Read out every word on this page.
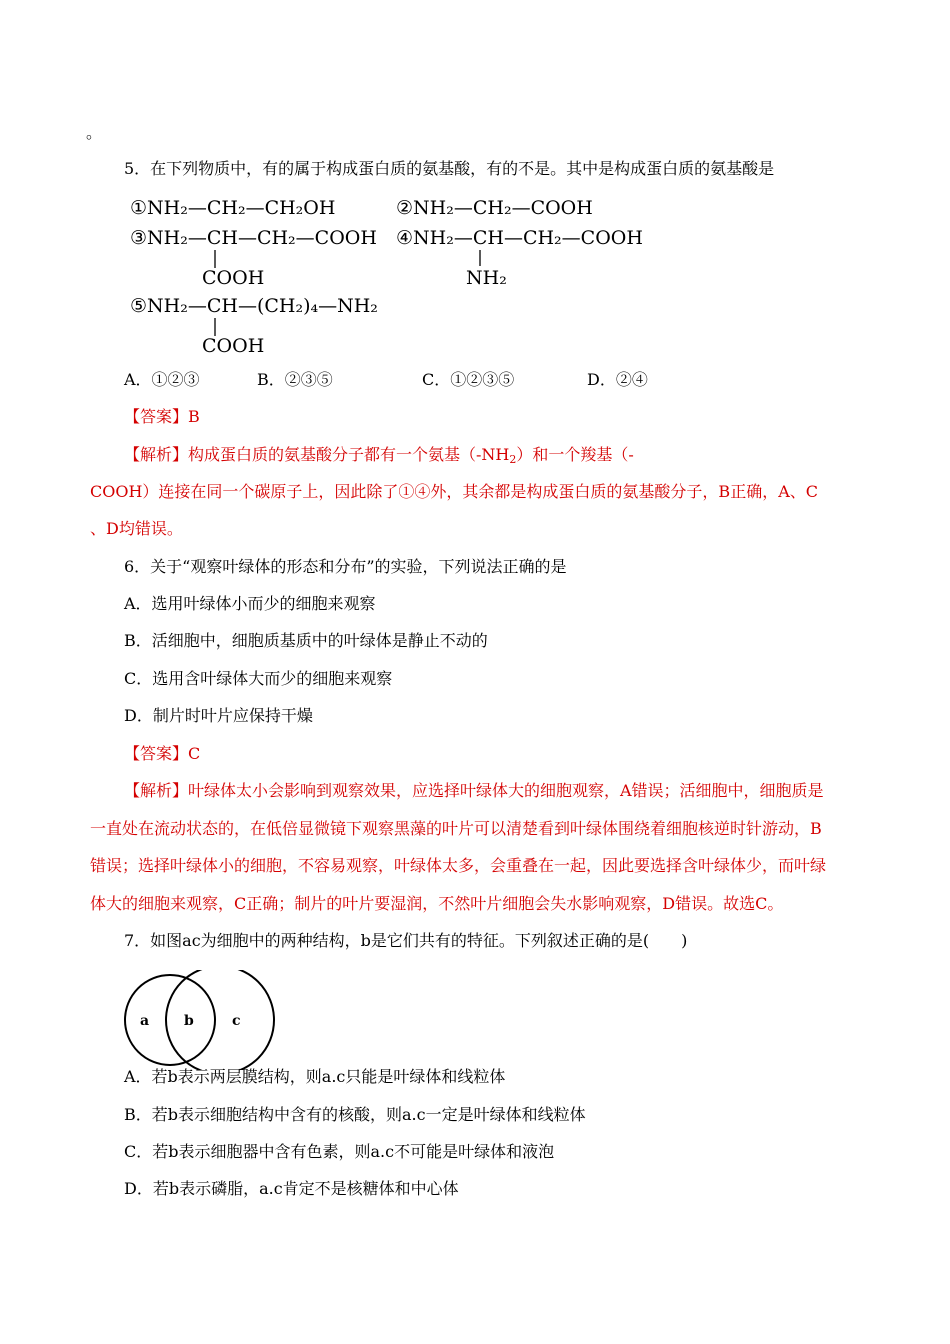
。
5．在下列物质中，有的属于构成蛋白质的氨基酸，有的不是。其中是构成蛋白质的氨基酸是
①NH₂—CH₂—CH₂OH	②NH₂—CH₂—COOH
③NH₂—CH—CH₂—COOH
COOH
④NH₂—CH—CH₂—COOH
NH₂
⑤NH₂—CH—(CH₂)₄—NH₂
COOH
A．①②③	B．②③⑤	C．①②③⑤	D．②④
【答案】B
【解析】构成蛋白质的氨基酸分子都有一个氨基$(-NH_2)$和一个羧基（-
COOH）连接在同一个碳原子上，因此除了①④外，其余都是构成蛋白质的氨基酸分子，B正确，A、C
、D均错误。
6．关于“观察叶绿体的形态和分布”的实验，下列说法正确的是
A．选用叶绿体小而少的细胞来观察
B．活细胞中，细胞质基质中的叶绿体是静止不动的
C．选用含叶绿体大而少的细胞来观察
D．制片时叶片应保持干燥
【答案】C
【解析】叶绿体太小会影响到观察效果，应选择叶绿体大的细胞观察，A错误；活细胞中，细胞质是
一直处在流动状态的，在低倍显微镜下观察黑藻的叶片可以清楚看到叶绿体围绕着细胞核逆时针游动，B
错误；选择叶绿体小的细胞，不容易观察，叶绿体太多，会重叠在一起，因此要选择含叶绿体少，而叶绿
体大的细胞来观察，C正确；制片的叶片要湿润，不然叶片细胞会失水影响观察，D错误。故选C。
7．如图ac为细胞中的两种结构，b是它们共有的特征。下列叙述正确的是(　　)
a b	c
A．若b表示两层膜结构，则a.c只能是叶绿体和线粒体
B．若b表示细胞结构中含有的核酸，则a.c一定是叶绿体和线粒体
C．若b表示细胞器中含有色素，则a.c不可能是叶绿体和液泡
D．若b表示磷脂，a.c肯定不是核糖体和中心体
